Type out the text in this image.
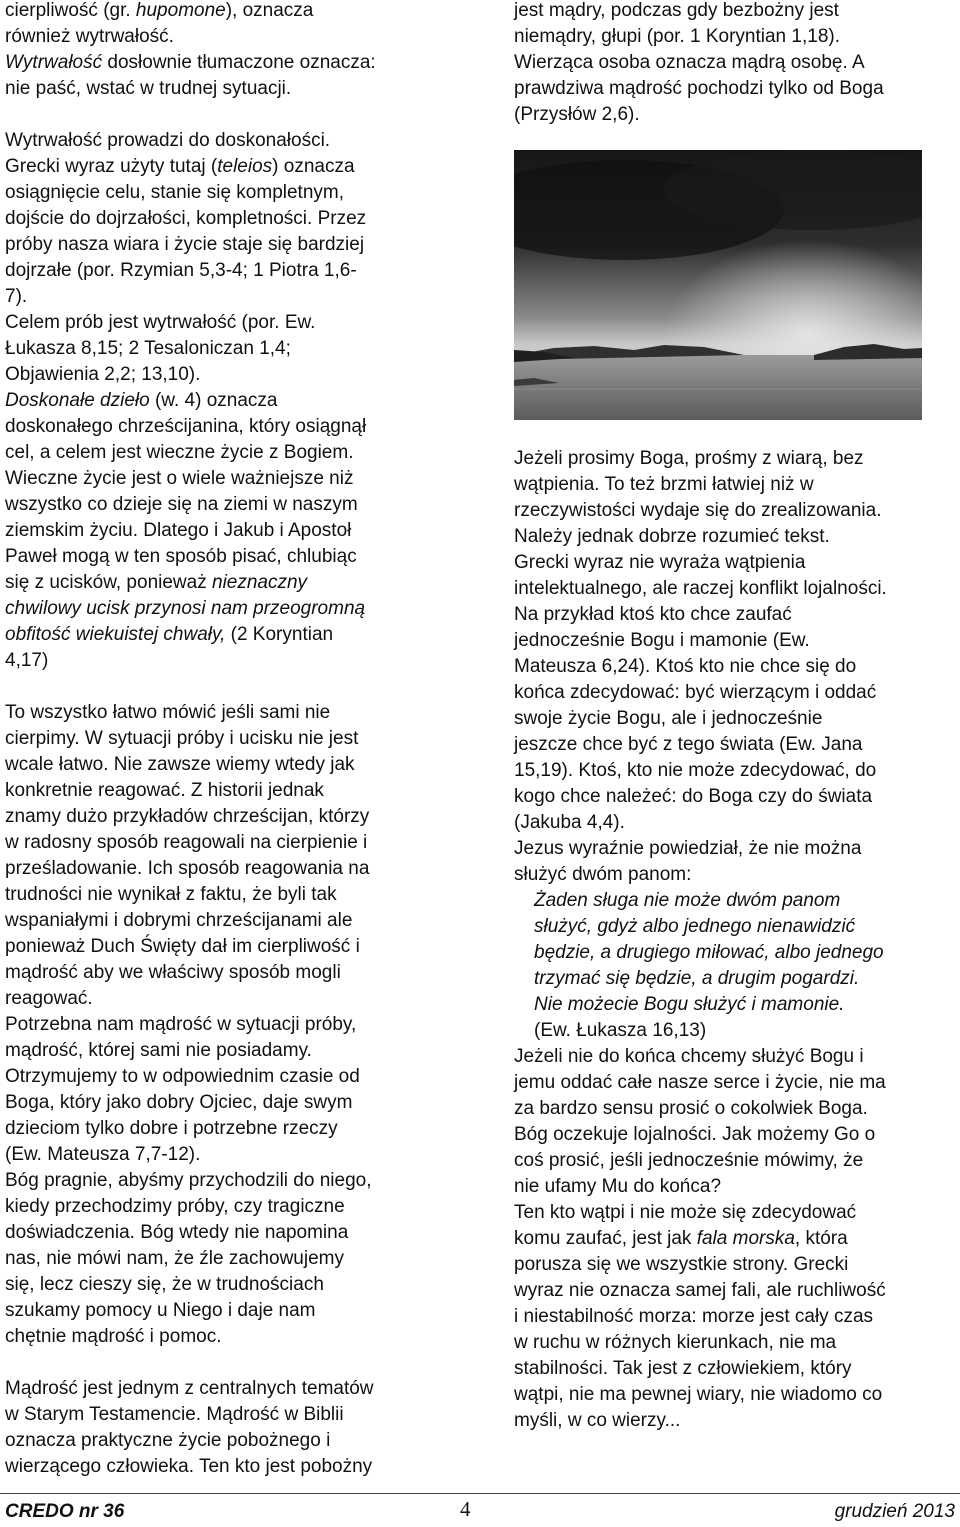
cierpliwość (gr. hupomone), oznacza
również wytrwałość.
Wytrwałość dosłownie tłumaczone oznacza:
nie paść, wstać w trudnej sytuacji.
Wytrwałość prowadzi do doskonałości.
Grecki wyraz użyty tutaj (teleios) oznacza
osiągnięcie celu, stanie się kompletnym,
dojście do dojrzałości, kompletności. Przez
próby nasza wiara i życie staje się bardziej
dojrzałe (por. Rzymian 5,3-4; 1 Piotra 1,6-
7).
Celem prób jest wytrwałość (por. Ew.
Łukasza 8,15; 2 Tesaloniczan 1,4;
Objawienia 2,2; 13,10).
Doskonałe dzieło (w. 4) oznacza
doskonałego chrześcijanina, który osiągnął
cel, a celem jest wieczne życie z Bogiem.
Wieczne życie jest o wiele ważniejsze niż
wszystko co dzieje się na ziemi w naszym
ziemskim życiu. Dlatego i Jakub i Apostoł
Paweł mogą w ten sposób pisać, chlubiąc
się z ucisków, ponieważ nieznaczny
chwilowy ucisk przynosi nam przeogromną
obfitość wiekuistej chwały, (2 Koryntian
4,17)
To wszystko łatwo mówić jeśli sami nie
cierpimy. W sytuacji próby i ucisku nie jest
wcale łatwo. Nie zawsze wiemy wtedy jak
konkretnie reagować. Z historii jednak
znamy dużo przykładów chrześcijan, którzy
w radosny sposób reagowali na cierpienie i
prześladowanie. Ich sposób reagowania na
trudności nie wynikał z faktu, że byli tak
wspaniałymi i dobrymi chrześcijanami ale
ponieważ Duch Święty dał im cierpliwość i
mądrość aby we właściwy sposób mogli
reagować.
Potrzebna nam mądrość w sytuacji próby,
mądrość, której sami nie posiadamy.
Otrzymujemy to w odpowiednim czasie od
Boga, który jako dobry Ojciec, daje swym
dzieciom tylko dobre i potrzebne rzeczy
(Ew. Mateusza 7,7-12).
Bóg pragnie, abyśmy przychodzili do niego,
kiedy przechodzimy próby, czy tragiczne
doświadczenia. Bóg wtedy nie napomina
nas, nie mówi nam, że źle zachowujemy
się, lecz cieszy się, że w trudnościach
szukamy pomocy u Niego i daje nam
chętnie mądrość i pomoc.
Mądrość jest jednym z centralnych tematów
w Starym Testamencie. Mądrość w Biblii
oznacza praktyczne życie pobożnego i
wierzącego człowieka. Ten kto jest pobożny
jest mądry, podczas gdy bezbożny jest
niemądry, głupi (por. 1 Koryntian 1,18).
Wierząca osoba oznacza mądrą osobę. A
prawdziwa mądrość pochodzi tylko od Boga
(Przysłów 2,6).
Jeżeli prosimy Boga, prośmy z wiarą, bez
wątpienia. To też brzmi łatwiej niż w
rzeczywistości wydaje się do zrealizowania.
Należy jednak dobrze rozumieć tekst.
Grecki wyraz nie wyraża wątpienia
intelektualnego, ale raczej konflikt lojalności.
Na przykład ktoś kto chce zaufać
jednocześnie Bogu i mamonie (Ew.
Mateusza 6,24). Ktoś kto nie chce się do
końca zdecydować: być wierzącym i oddać
swoje życie Bogu, ale i jednocześnie
jeszcze chce być z tego świata (Ew. Jana
15,19). Ktoś, kto nie może zdecydować, do
kogo chce należeć: do Boga czy do świata
(Jakuba 4,4).
Jezus wyraźnie powiedział, że nie można
służyć dwóm panom:
Żaden sługa nie może dwóm panom
służyć, gdyż albo jednego nienawidzić
będzie, a drugiego miłować, albo jednego
trzymać się będzie, a drugim pogardzi.
Nie możecie Bogu służyć i mamonie.
(Ew. Łukasza 16,13)
Jeżeli nie do końca chcemy służyć Bogu i
jemu oddać całe nasze serce i życie, nie ma
za bardzo sensu prosić o cokolwiek Boga.
Bóg oczekuje lojalności. Jak możemy Go o
coś prosić, jeśli jednocześnie mówimy, że
nie ufamy Mu do końca?
Ten kto wątpi i nie może się zdecydować
komu zaufać, jest jak fala morska, która
porusza się we wszystkie strony. Grecki
wyraz nie oznacza samej fali, ale ruchliwość
i niestabilność morza: morze jest cały czas
w ruchu w różnych kierunkach, nie ma
stabilności. Tak jest z człowiekiem, który
wątpi, nie ma pewnej wiary, nie wiadomo co
myśli, w co wierzy...
CREDO nr 36	4	grudzień 2013
